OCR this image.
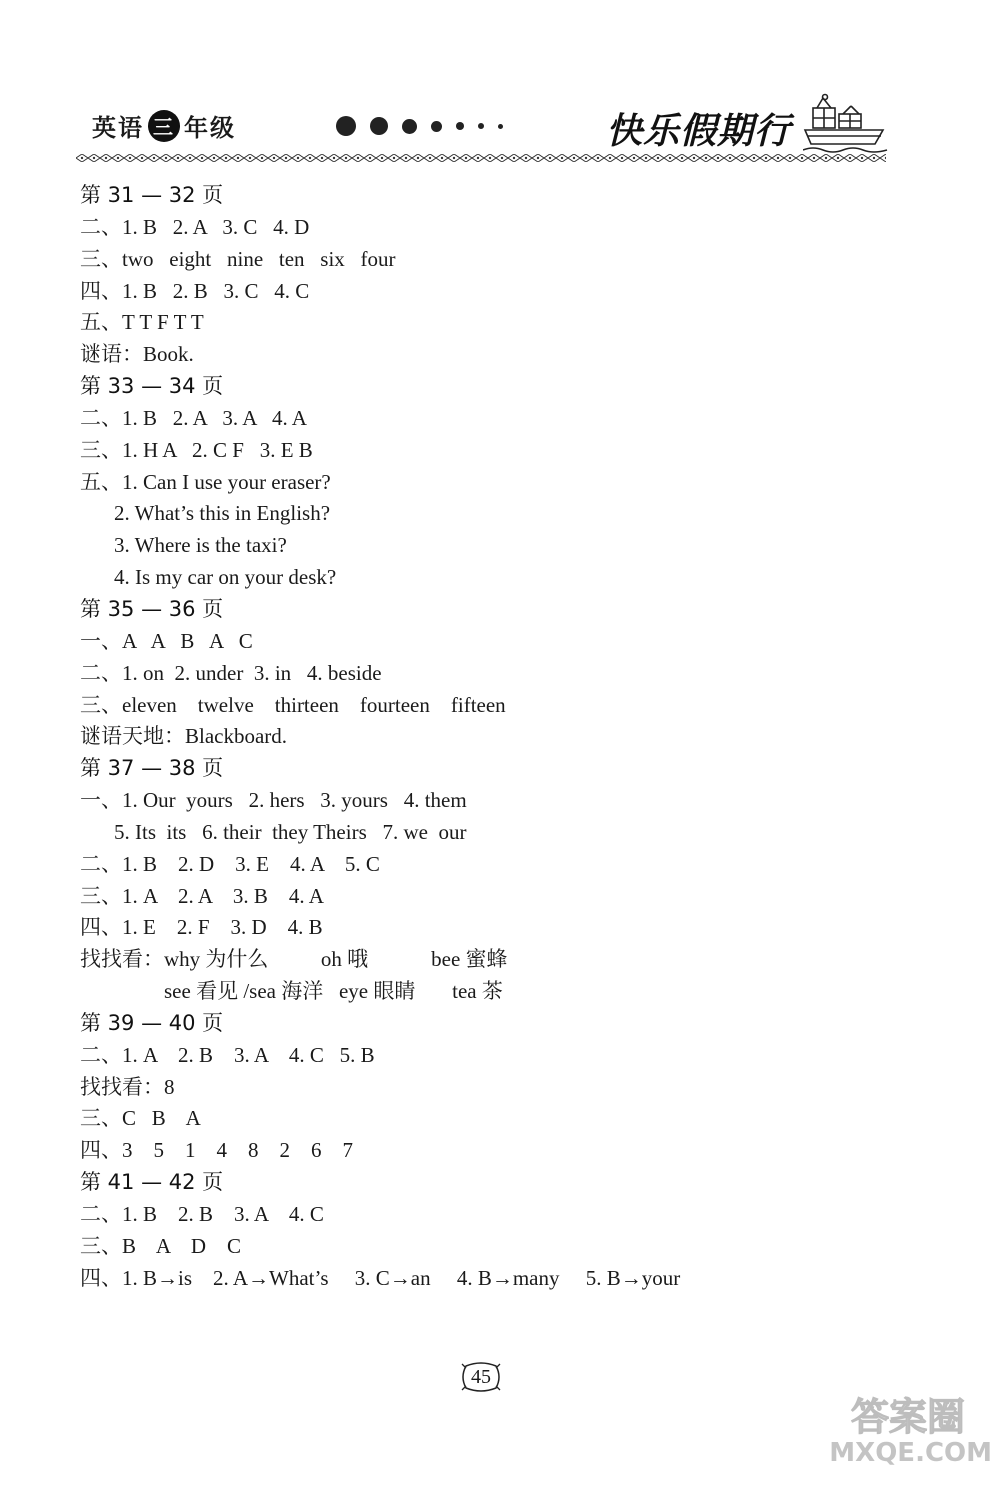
英语 三 年级	快乐假期行
第 31 — 32 页
二、1. B   2. A   3. C   4. D
三、two   eight   nine   ten   six   four
四、1. B   2. B   3. C   4. C
五、T T F T T
谜语：Book.
第 33 — 34 页
二、1. B   2. A   3. A   4. A
三、1. H A   2. C F   3. E B
五、1. Can I use your eraser?
2. What’s this in English?
3. Where is the taxi?
4. Is my car on your desk?
第 35 — 36 页
一、A   A   B   A   C
二、1. on  2. under  3. in   4. beside
三、eleven    twelve    thirteen    fourteen    fifteen
谜语天地：Blackboard.
第 37 — 38 页
一、1. Our  yours   2. hers   3. yours   4. them
5. Its  its   6. their  they Theirs   7. we  our
二、1. B    2. D    3. E    4. A    5. C
三、1. A    2. A    3. B    4. A
四、1. E    2. F    3. D    4. B
找找看：why 为什么          oh 哦            bee 蜜蜂
see 看见 /sea 海洋   eye 眼睛       tea 茶
第 39 — 40 页
二、1. A    2. B    3. A    4. C   5. B
找找看：8
三、C   B    A
四、3    5    1    4    8    2    6    7
第 41 — 42 页
二、1. B    2. B    3. A    4. C
三、B    A    D    C
四、1. B→is    2. A→What’s     3. C→an     4. B→many     5. B→your
45
答案圈
MXQE.COM
